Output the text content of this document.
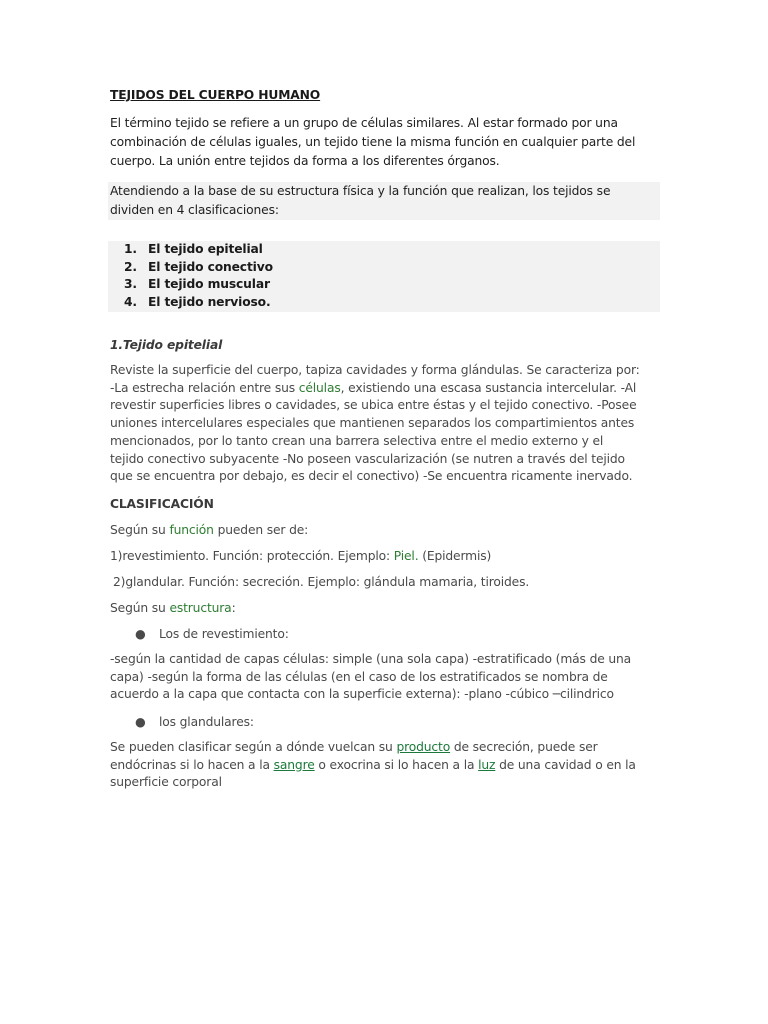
TEJIDOS DEL CUERPO HUMANO
El término tejido se refiere a un grupo de células similares. Al estar formado por una
combinación de células iguales, un tejido tiene la misma función en cualquier parte del
cuerpo. La unión entre tejidos da forma a los diferentes órganos.
Atendiendo a la base de su estructura física y la función que realizan, los tejidos se
dividen en 4 clasificaciones:
1. El tejido epitelial
2. El tejido conectivo
3. El tejido muscular
4. El tejido nervioso.
1.Tejido epitelial
Reviste la superficie del cuerpo, tapiza cavidades y forma glándulas. Se caracteriza por:
-La estrecha relación entre sus células, existiendo una escasa sustancia intercelular. -Al
revestir superficies libres o cavidades, se ubica entre éstas y el tejido conectivo. -Posee
uniones intercelulares especiales que mantienen separados los compartimientos antes
mencionados, por lo tanto crean una barrera selectiva entre el medio externo y el
tejido conectivo subyacente -No poseen vascularización (se nutren a través del tejido
que se encuentra por debajo, es decir el conectivo) -Se encuentra ricamente inervado.
CLASIFICACIÓN
Según su función pueden ser de:
1)revestimiento. Función: protección. Ejemplo: Piel. (Epidermis)
2)glandular. Función: secreción. Ejemplo: glándula mamaria, tiroides.
Según su estructura:
● Los de revestimiento:
-según la cantidad de capas células: simple (una sola capa) -estratificado (más de una
capa) -según la forma de las células (en el caso de los estratificados se nombra de
acuerdo a la capa que contacta con la superficie externa): -plano -cúbico ─cilindrico
● los glandulares:
Se pueden clasificar según a dónde vuelcan su producto de secreción, puede ser
endócrinas si lo hacen a la sangre o exocrina si lo hacen a la luz de una cavidad o en la
superficie corporal
